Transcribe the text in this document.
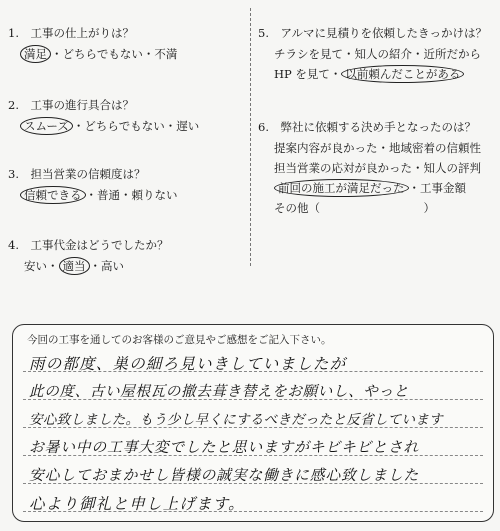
1.　工事の仕上がりは？
満足 ・どちらでもない・不満
2.　工事の進行具合は？
スムーズ ・どちらでもない・遅い
3.　担当営業の信頼度は？
信頼できる ・普通・頼りない
4.　工事代金はどうでしたか？
安い・ 適当 ・高い
5.　アルマに見積りを依頼したきっかけは？
チラシを見て・知人の紹介・近所だから
HP を見て・ 以前頼んだことがある
6.　弊社に依頼する決め手となったのは？
提案内容が良かった・地域密着の信頼性
担当営業の応対が良かった・知人の評判
前回の施工が満足だった ・工事金額
その他（　　　　　　　　　）
今回の工事を通してのお客様のご意見やご感想をご記入下さい。
雨の都度、巣の細ろ見いきしていましたが
此の度、古い屋根瓦の撤去葺き替えをお願いし、やっと
安心致しました。もう少し早くにするべきだったと反省しています
お暑い中の工事大変でしたと思いますがキビキビとされ
安心しておまかせし皆様の誠実な働きに感心致しました
心より御礼と申し上げます。
